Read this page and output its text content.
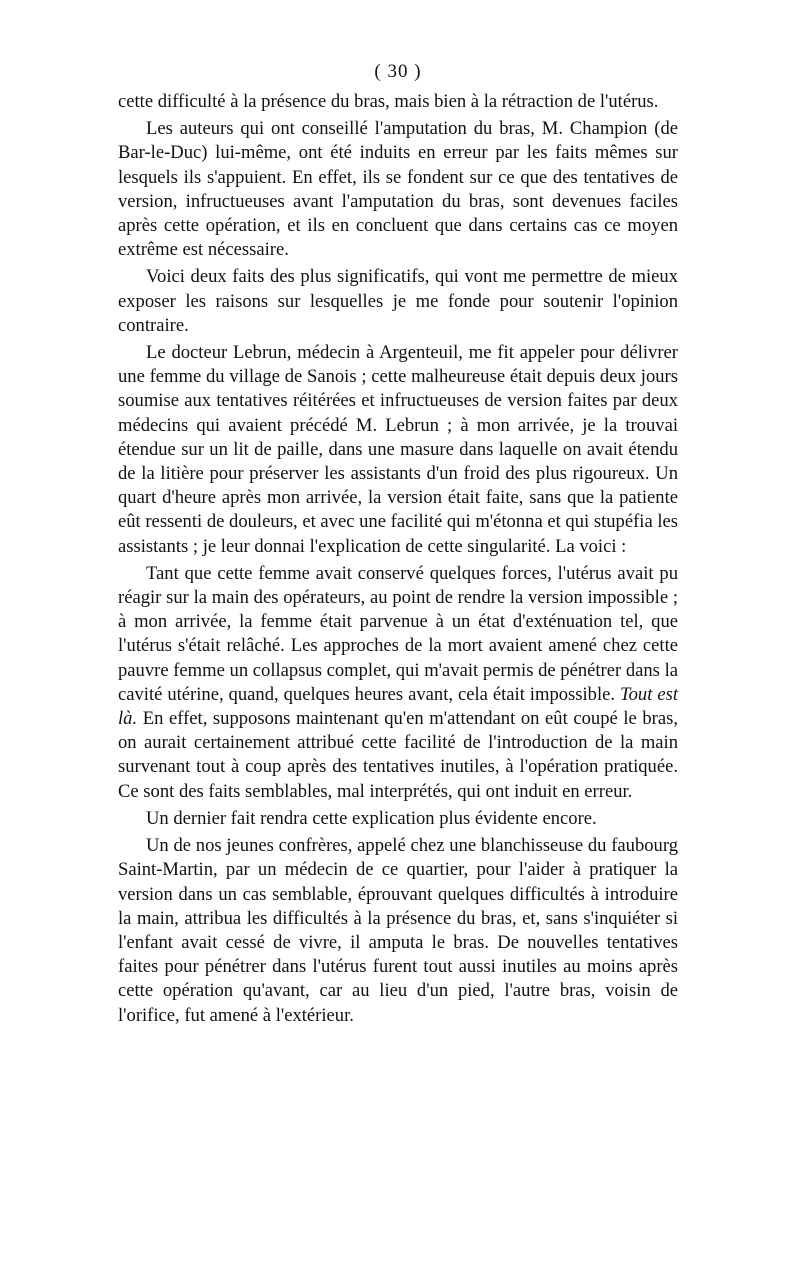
( 30 )

cette difficulté à la présence du bras, mais bien à la rétraction de l'utérus.

Les auteurs qui ont conseillé l'amputation du bras, M. Champion (de Bar-le-Duc) lui-même, ont été induits en erreur par les faits mêmes sur lesquels ils s'appuient. En effet, ils se fondent sur ce que des tentatives de version, infructueuses avant l'amputation du bras, sont devenues faciles après cette opération, et ils en concluent que dans certains cas ce moyen extrême est nécessaire.

Voici deux faits des plus significatifs, qui vont me permettre de mieux exposer les raisons sur lesquelles je me fonde pour soutenir l'opinion contraire.

Le docteur Lebrun, médecin à Argenteuil, me fit appeler pour délivrer une femme du village de Sanois ; cette malheureuse était depuis deux jours soumise aux tentatives réitérées et infructueuses de version faites par deux médecins qui avaient précédé M. Lebrun ; à mon arrivée, je la trouvai étendue sur un lit de paille, dans une masure dans laquelle on avait étendu de la litière pour préserver les assistants d'un froid des plus rigoureux. Un quart d'heure après mon arrivée, la version était faite, sans que la patiente eût ressenti de douleurs, et avec une facilité qui m'étonna et qui stupéfia les assistants ; je leur donnai l'explication de cette singularité. La voici :

Tant que cette femme avait conservé quelques forces, l'utérus avait pu réagir sur la main des opérateurs, au point de rendre la version impossible ; à mon arrivée, la femme était parvenue à un état d'exténuation tel, que l'utérus s'était relâché. Les approches de la mort avaient amené chez cette pauvre femme un collapsus complet, qui m'avait permis de pénétrer dans la cavité utérine, quand, quelques heures avant, cela était impossible. Tout est là. En effet, supposons maintenant qu'en m'attendant on eût coupé le bras, on aurait certainement attribué cette facilité de l'introduction de la main survenant tout à coup après des tentatives inutiles, à l'opération pratiquée. Ce sont des faits semblables, mal interprétés, qui ont induit en erreur.

Un dernier fait rendra cette explication plus évidente encore.

Un de nos jeunes confrères, appelé chez une blanchisseuse du faubourg Saint-Martin, par un médecin de ce quartier, pour l'aider à pratiquer la version dans un cas semblable, éprouvant quelques difficultés à introduire la main, attribua les difficultés à la présence du bras, et, sans s'inquiéter si l'enfant avait cessé de vivre, il amputa le bras. De nouvelles tentatives faites pour pénétrer dans l'utérus furent tout aussi inutiles au moins après cette opération qu'avant, car au lieu d'un pied, l'autre bras, voisin de l'orifice, fut amené à l'extérieur.
